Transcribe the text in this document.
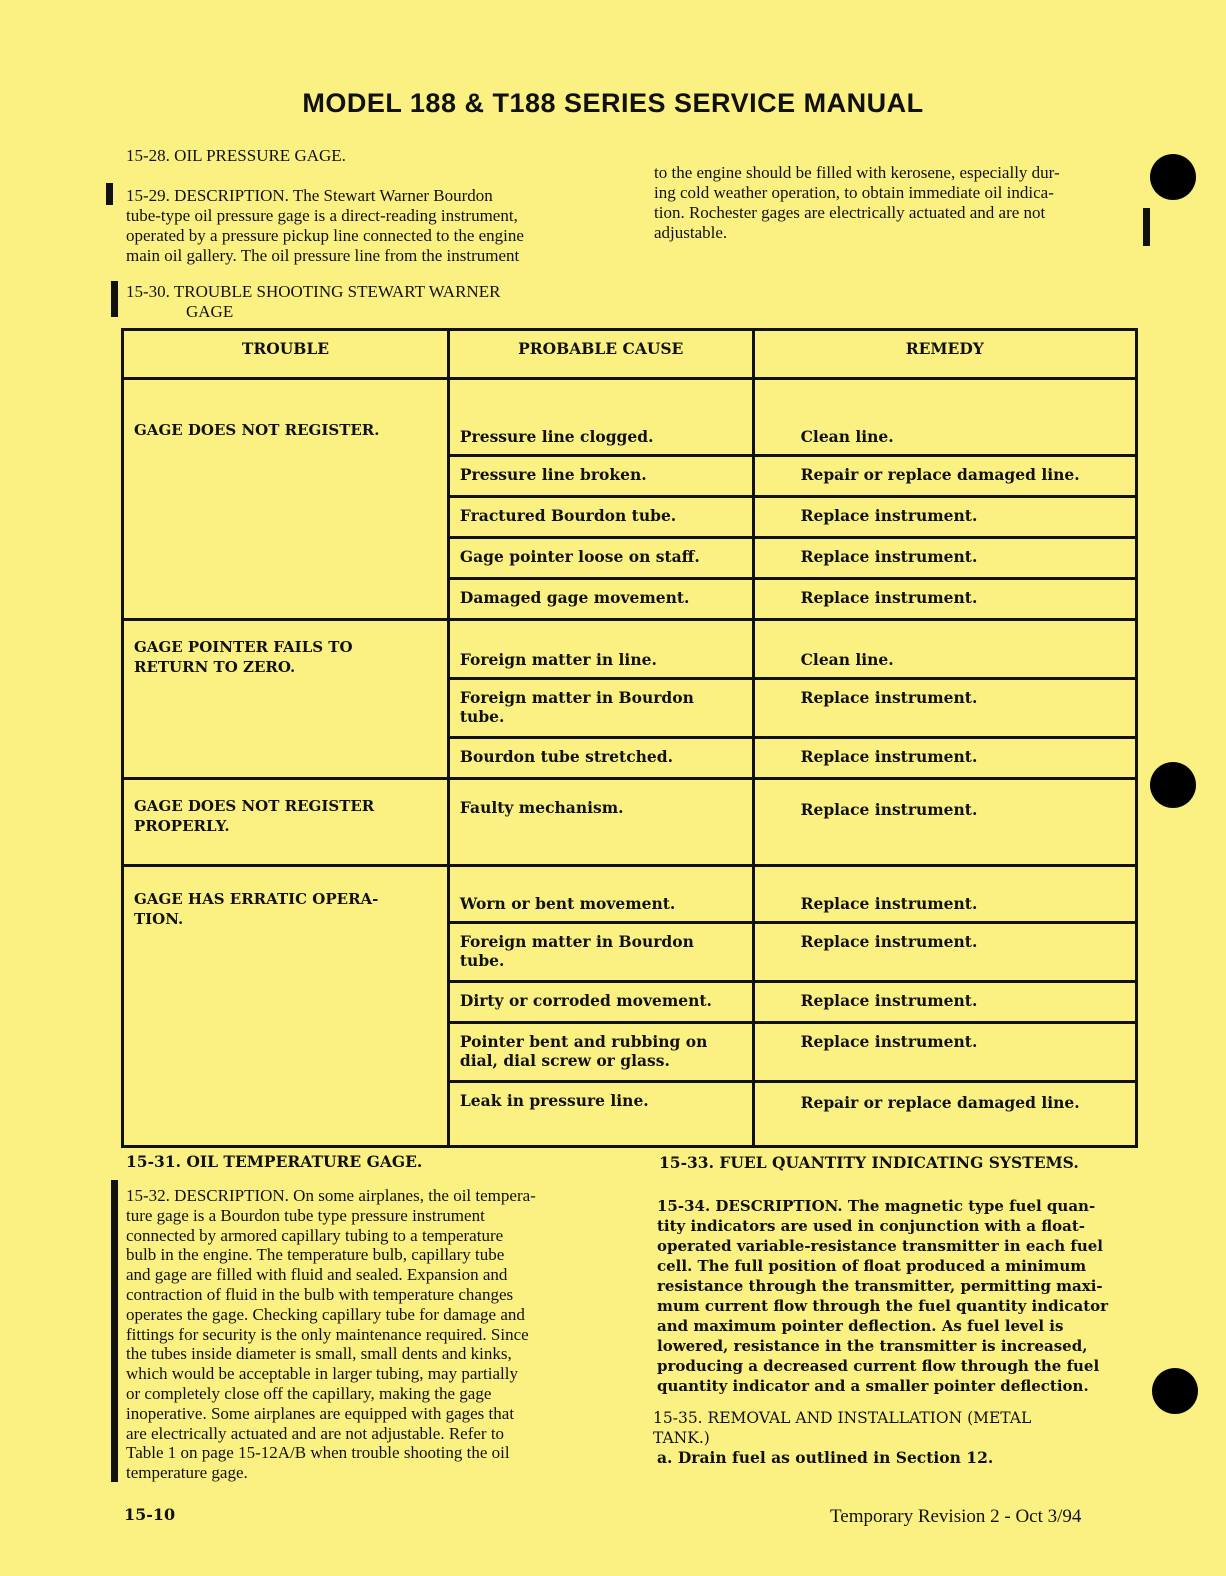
MODEL 188 & T188 SERIES SERVICE MANUAL
15-28. OIL PRESSURE GAGE.
15-29. DESCRIPTION. The Stewart Warner Bourdon
tube-type oil pressure gage is a direct-reading instrument,
operated by a pressure pickup line connected to the engine
main oil gallery. The oil pressure line from the instrument
to the engine should be filled with kerosene, especially dur-
ing cold weather operation, to obtain immediate oil indica-
tion. Rochester gages are electrically actuated and are not
adjustable.
15-30. TROUBLE SHOOTING STEWART WARNER
GAGE
TROUBLE	PROBABLE CAUSE	REMEDY
GAGE DOES NOT REGISTER.	Pressure line clogged.	Clean line.
	Pressure line broken.	Repair or replace damaged line.
	Fractured Bourdon tube.	Replace instrument.
	Gage pointer loose on staff.	Replace instrument.
	Damaged gage movement.	Replace instrument.

GAGE POINTER FAILS TO RETURN TO ZERO.	Foreign matter in line.	Clean line.
	Foreign matter in Bourdon tube.	Replace instrument.
	Bourdon tube stretched.	Replace instrument.

GAGE DOES NOT REGISTER PROPERLY.	Faulty mechanism.	Replace instrument.

GAGE HAS ERRATIC OPERA- TION.	Worn or bent movement.	Replace instrument.
	Foreign matter in Bourdon tube.	Replace instrument.
	Dirty or corroded movement.	Replace instrument.
	Pointer bent and rubbing on dial, dial screw or glass.	Replace instrument.
	Leak in pressure line.	Repair or replace damaged line.
15-31. OIL TEMPERATURE GAGE.
15-32. DESCRIPTION. On some airplanes, the oil tempera-
ture gage is a Bourdon tube type pressure instrument
connected by armored capillary tubing to a temperature
bulb in the engine. The temperature bulb, capillary tube
and gage are filled with fluid and sealed. Expansion and
contraction of fluid in the bulb with temperature changes
operates the gage. Checking capillary tube for damage and
fittings for security is the only maintenance required. Since
the tubes inside diameter is small, small dents and kinks,
which would be acceptable in larger tubing, may partially
or completely close off the capillary, making the gage
inoperative. Some airplanes are equipped with gages that
are electrically actuated and are not adjustable. Refer to
Table 1 on page 15-12A/B when trouble shooting the oil
temperature gage.
15-33. FUEL QUANTITY INDICATING SYSTEMS.
15-34. DESCRIPTION. The magnetic type fuel quan-
tity indicators are used in conjunction with a float-
operated variable-resistance transmitter in each fuel
cell. The full position of float produced a minimum
resistance through the transmitter, permitting maxi-
mum current flow through the fuel quantity indicator
and maximum pointer deflection. As fuel level is
lowered, resistance in the transmitter is increased,
producing a decreased current flow through the fuel
quantity indicator and a smaller pointer deflection.
15-35. REMOVAL AND INSTALLATION (METAL
TANK.)
a. Drain fuel as outlined in Section 12.
15-10	Temporary Revision 2 - Oct 3/94
